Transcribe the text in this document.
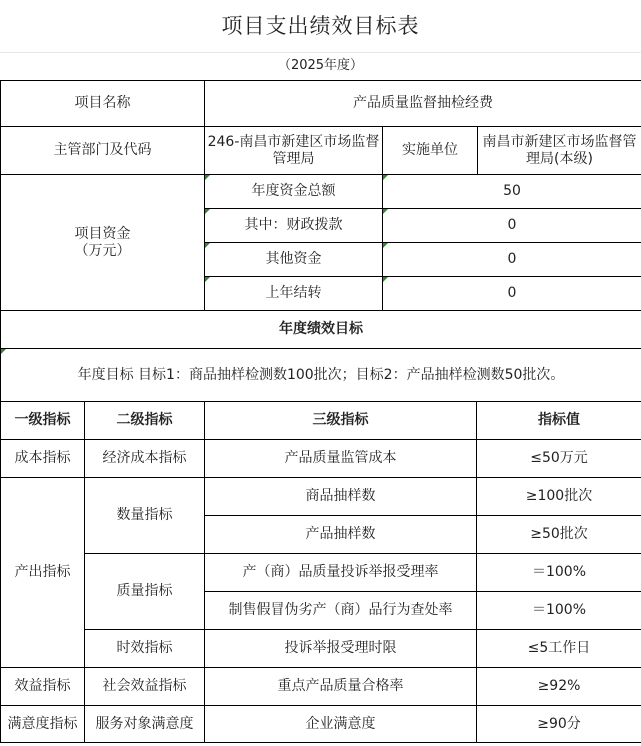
项目支出绩效目标表
（2025年度）
项目名称	产品质量监督抽检经费		
主管部门及代码	246-南昌市新建区市场监督管理局	实施单位	南昌市新建区市场监督管理局(本级)
项目资金
（万元）	年度资金总额	50	
	其中：财政拨款	0	
	其他资金	0	
	上年结转	0	
年度绩效目标			
年度目标 目标1：商品抽样检测数100批次；目标2：产品抽样检测数50批次。			
一级指标	二级指标	三级指标	指标值
成本指标	经济成本指标	产品质量监管成本	≤50万元
产出指标	数量指标	商品抽样数	≥100批次
		产品抽样数	≥50批次
	质量指标	产（商）品质量投诉举报受理率	＝100%
		制售假冒伪劣产（商）品行为查处率	＝100%
	时效指标	投诉举报受理时限	≤5工作日
效益指标	社会效益指标	重点产品质量合格率	≥92%
满意度指标	服务对象满意度	企业满意度	≥90分
